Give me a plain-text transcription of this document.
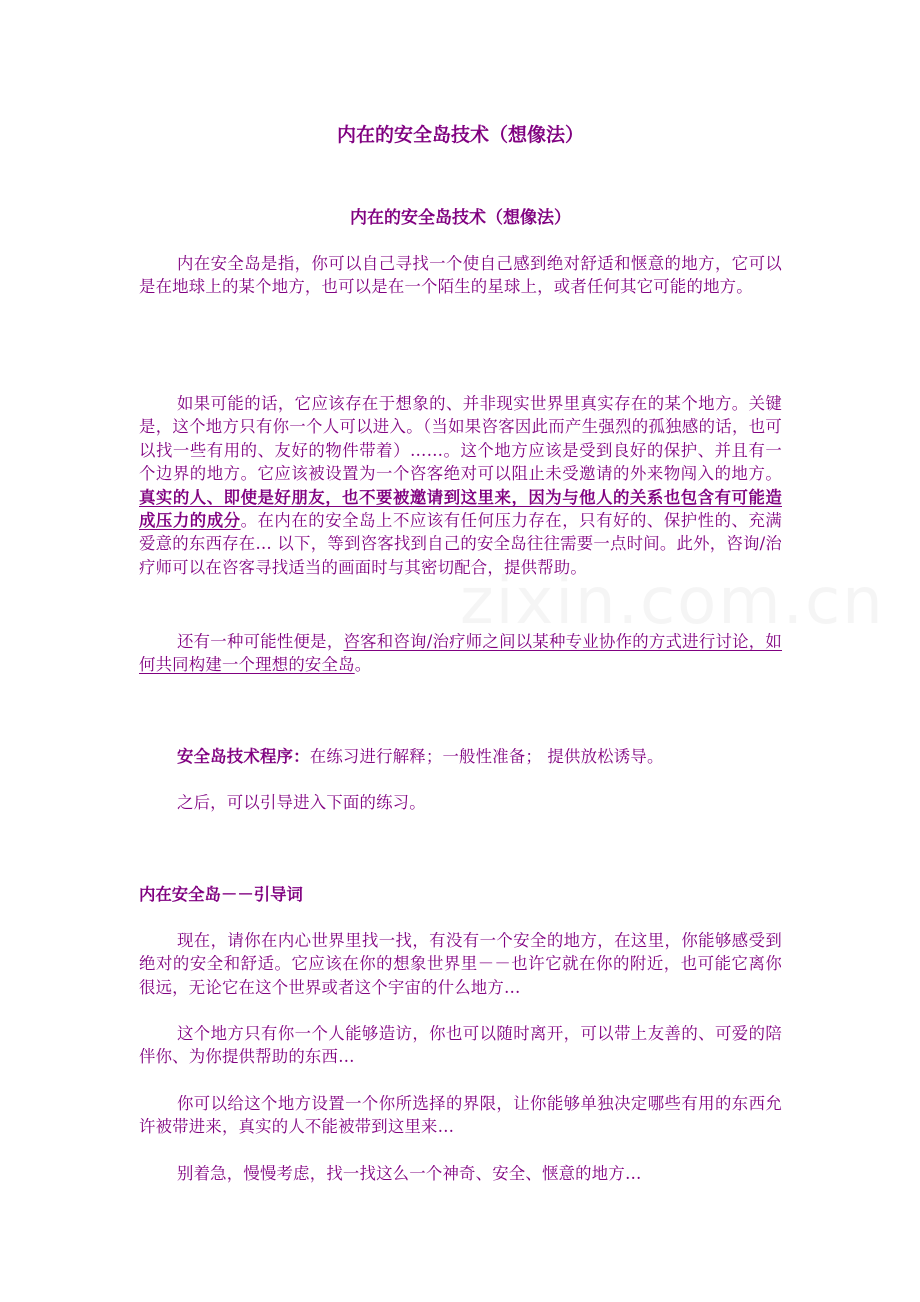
zixin.com.cn
内在的安全岛技术（想像法）
内在的安全岛技术（想像法）

内在安全岛是指，你可以自己寻找一个使自己感到绝对舒适和惬意的地方，它可以是在地球上的某个地方，也可以是在一个陌生的星球上，或者任何其它可能的地方。

如果可能的话，它应该存在于想象的、并非现实世界里真实存在的某个地方。关键是，这个地方只有你一个人可以进入。（当如果咨客因此而产生强烈的孤独感的话，也可以找一些有用的、友好的物件带着）……。这个地方应该是受到良好的保护、并且有一个边界的地方。它应该被设置为一个咨客绝对可以阻止未受邀请的外来物闯入的地方。真实的人、即使是好朋友，也不要被邀请到这里来，因为与他人的关系也包含有可能造成压力的成分。在内在的安全岛上不应该有任何压力存在，只有好的、保护性的、充满爱意的东西存在… 以下，等到咨客找到自己的安全岛往往需要一点时间。此外，咨询/治疗师可以在咨客寻找适当的画面时与其密切配合，提供帮助。

还有一种可能性便是，咨客和咨询/治疗师之间以某种专业协作的方式进行讨论，如何共同构建一个理想的安全岛。

安全岛技术程序：在练习进行解释；一般性准备； 提供放松诱导。

之后，可以引导进入下面的练习。

内在安全岛－－引导词

现在，请你在内心世界里找一找，有没有一个安全的地方，在这里，你能够感受到绝对的安全和舒适。它应该在你的想象世界里－－也许它就在你的附近，也可能它离你很远，无论它在这个世界或者这个宇宙的什么地方…

这个地方只有你一个人能够造访，你也可以随时离开，可以带上友善的、可爱的陪伴你、为你提供帮助的东西…

你可以给这个地方设置一个你所选择的界限，让你能够单独决定哪些有用的东西允许被带进来，真实的人不能被带到这里来…

别着急，慢慢考虑，找一找这么一个神奇、安全、惬意的地方…
